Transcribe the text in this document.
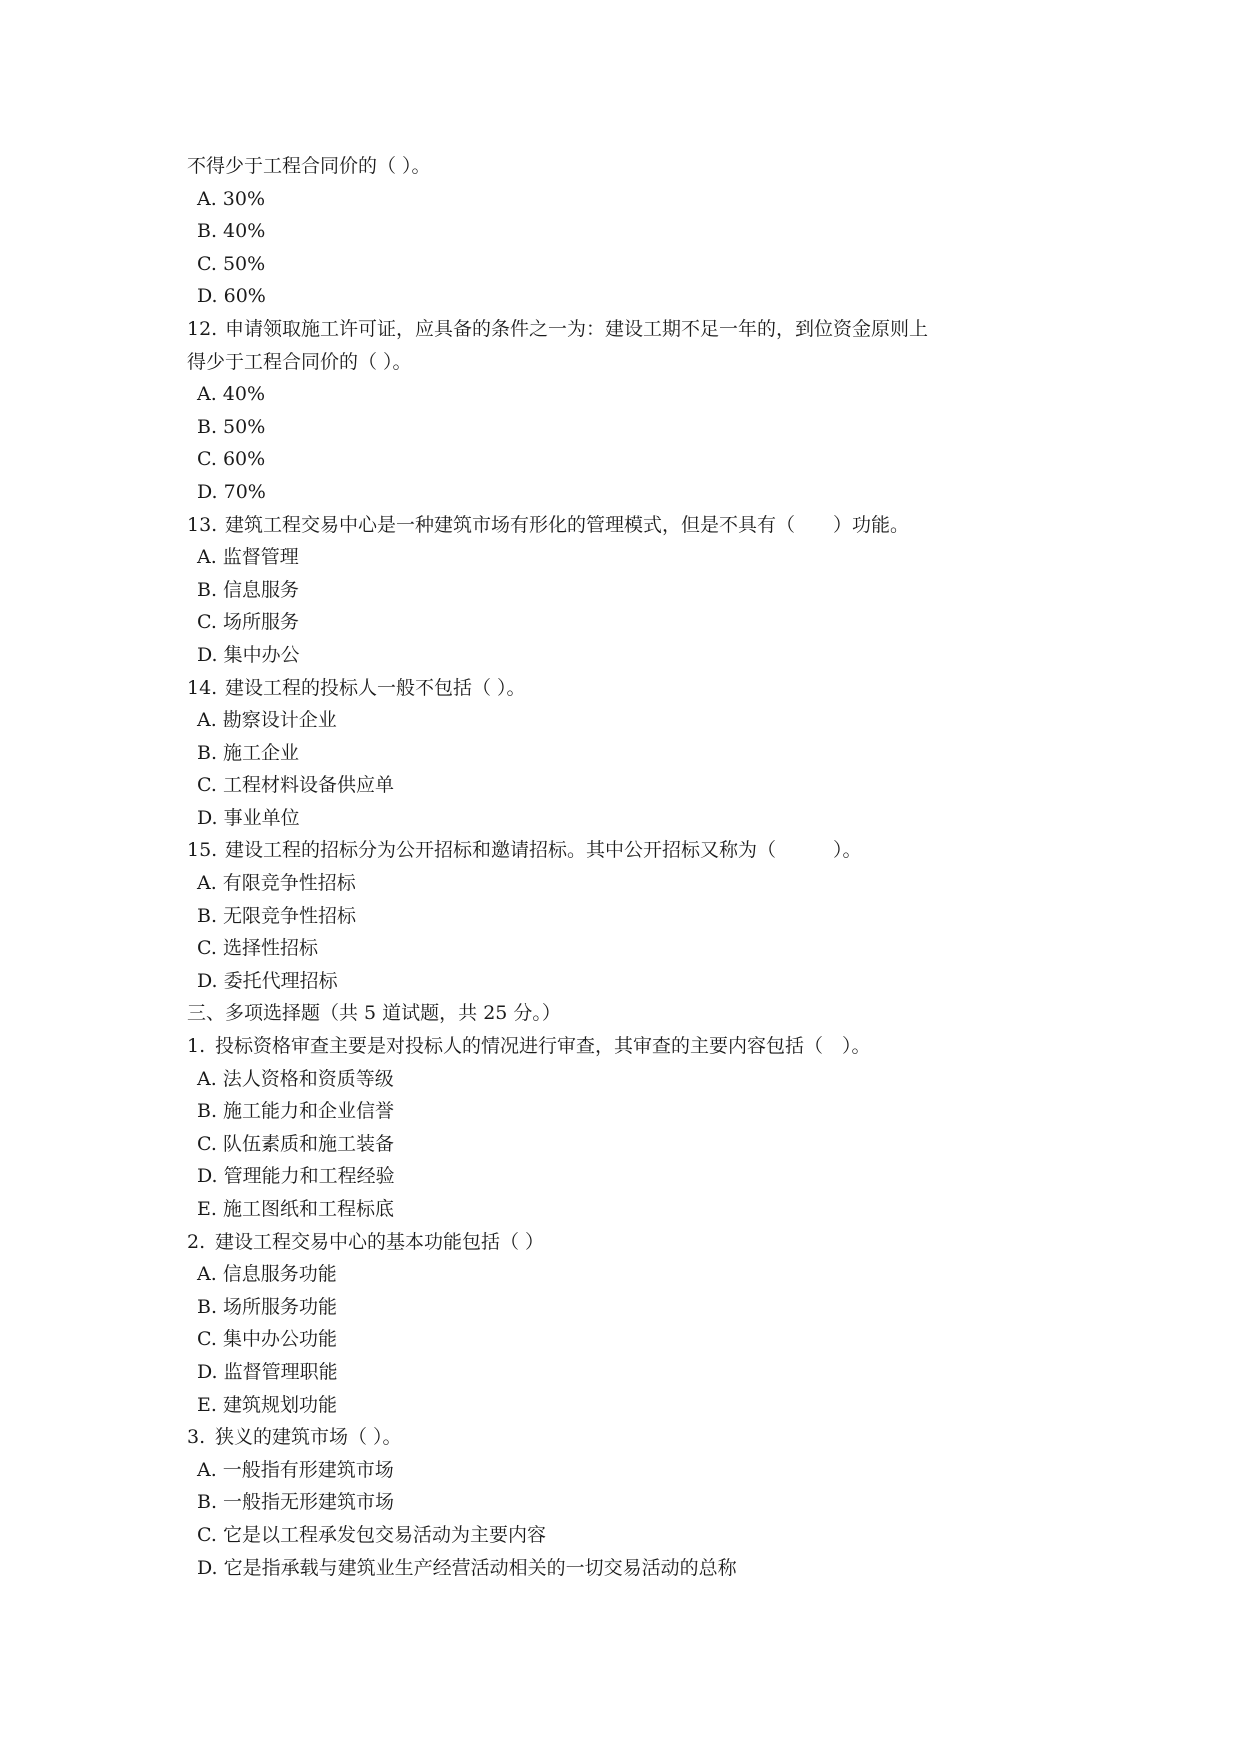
不得少于工程合同价的（ ）。
A. 30%
B. 40%
C. 50%
D. 60%
12. 申请领取施工许可证，应具备的条件之一为：建设工期不足一年的，到位资金原则上
得少于工程合同价的（ ）。
A. 40%
B. 50%
C. 60%
D. 70%
13. 建筑工程交易中心是一种建筑市场有形化的管理模式，但是不具有（　　）功能。
A. 监督管理
B. 信息服务
C. 场所服务
D. 集中办公
14. 建设工程的投标人一般不包括（ ）。
A. 勘察设计企业
B. 施工企业
C. 工程材料设备供应单
D. 事业单位
15. 建设工程的招标分为公开招标和邀请招标。其中公开招标又称为（　　　）。
A. 有限竞争性招标
B. 无限竞争性招标
C. 选择性招标
D. 委托代理招标
三、多项选择题（共 5 道试题，共 25 分。）
1. 投标资格审查主要是对投标人的情况进行审查，其审查的主要内容包括（　）。
A. 法人资格和资质等级
B. 施工能力和企业信誉
C. 队伍素质和施工装备
D. 管理能力和工程经验
E. 施工图纸和工程标底
2. 建设工程交易中心的基本功能包括（ ）
A. 信息服务功能
B. 场所服务功能
C. 集中办公功能
D. 监督管理职能
E. 建筑规划功能
3. 狭义的建筑市场（ ）。
A. 一般指有形建筑市场
B. 一般指无形建筑市场
C. 它是以工程承发包交易活动为主要内容
D. 它是指承载与建筑业生产经营活动相关的一切交易活动的总称
